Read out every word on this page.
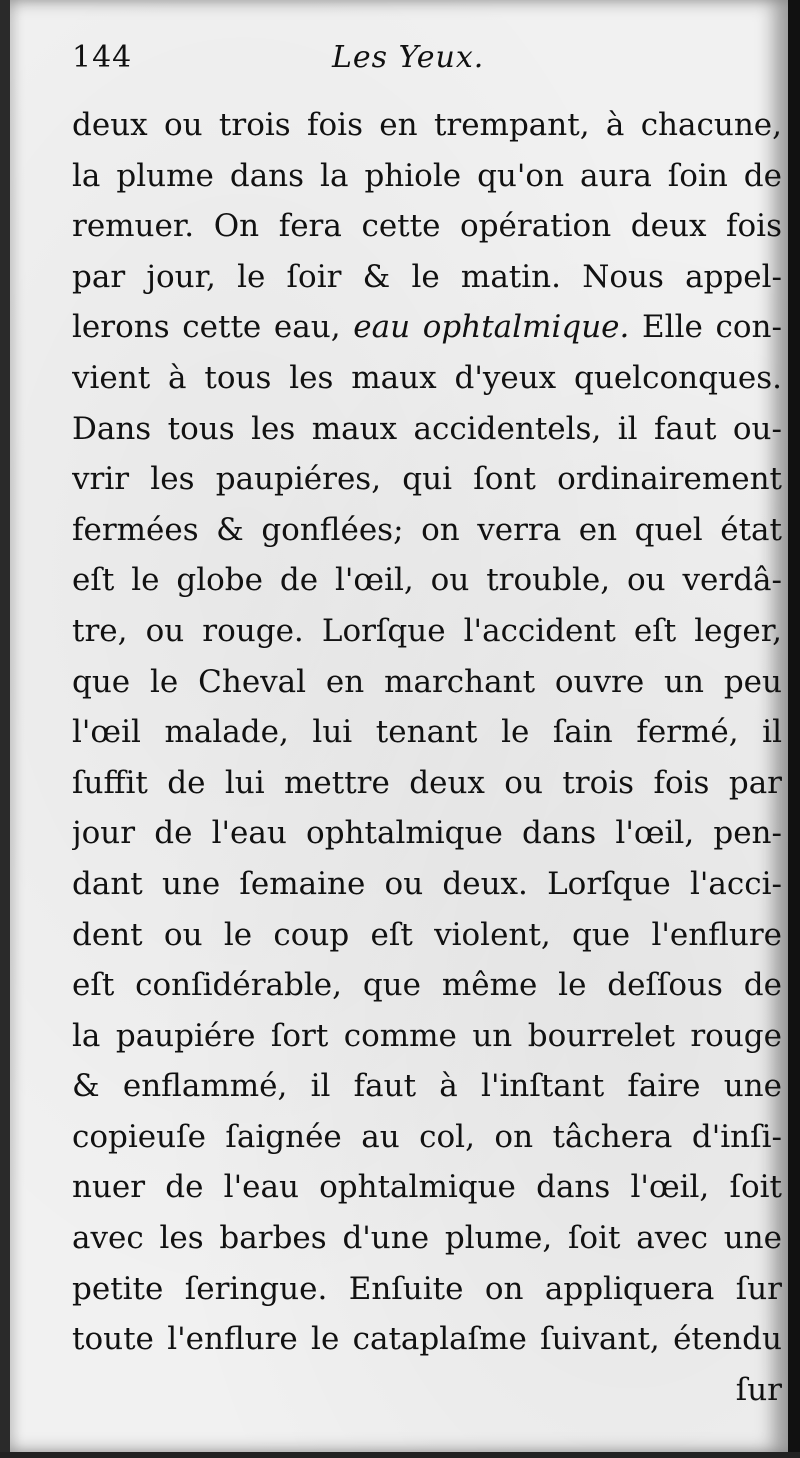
144	Les Yeux.
deux ou trois fois en trempant, à chacune,
la plume dans la phiole qu'on aura ſoin de
remuer. On fera cette opération deux fois
par jour, le ſoir & le matin. Nous appel-
lerons cette eau, eau ophtalmique. Elle con-
vient à tous les maux d'yeux quelconques.
Dans tous les maux accidentels, il faut ou-
vrir les paupiéres, qui ſont ordinairement
fermées & gonflées; on verra en quel état
eſt le globe de l'œil, ou trouble, ou verdâ-
tre, ou rouge. Lorſque l'accident eſt leger,
que le Cheval en marchant ouvre un peu
l'œil malade, lui tenant le ſain fermé, il
ſuffit de lui mettre deux ou trois fois par
jour de l'eau ophtalmique dans l'œil, pen-
dant une ſemaine ou deux. Lorſque l'acci-
dent ou le coup eſt violent, que l'enflure
eſt conſidérable, que même le deſſous de
la paupiére ſort comme un bourrelet rouge
& enflammé, il faut à l'inſtant faire une
copieuſe ſaignée au col, on tâchera d'inſi-
nuer de l'eau ophtalmique dans l'œil, ſoit
avec les barbes d'une plume, ſoit avec une
petite ſeringue. Enſuite on appliquera ſur
toute l'enflure le cataplaſme ſuivant, étendu
ſur
